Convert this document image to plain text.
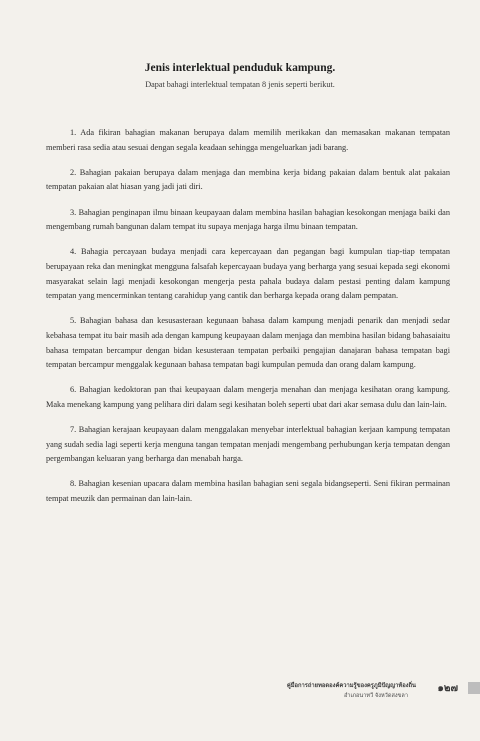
Jenis interlektual penduduk kampung.
Dapat bahagi interlektual tempatan 8 jenis seperti berikut.

1. Ada fikiran bahagian makanan berupaya dalam memilih merikakan dan memasakan makanan tempatan memberi rasa sedia atau sesuai dengan segala keadaan sehingga mengeluarkan jadi barang.

2. Bahagian pakaian berupaya dalam menjaga dan membina kerja bidang pakaian dalam bentuk alat pakaian tempatan pakaian alat hiasan yang jadi jati diri.

3. Bahagian penginapan ilmu binaan keupayaan dalam membina hasilan bahagian kesokongan menjaga baiki dan mengembang rumah bangunan dalam tempat itu supaya menjaga harga ilmu binaan tempatan.

4. Bahagia percayaan budaya menjadi cara kepercayaan dan pegangan bagi kumpulan tiap-tiap tempatan berupayaan reka dan meningkat mengguna falsafah kepercayaan budaya yang berharga yang sesuai kepada segi ekonomi masyarakat selain lagi menjadi kesokongan mengerja pesta pahala budaya dalam pestasi penting dalam kampung tempatan yang mencerminkan tentang carahidup yang cantik dan berharga kepada orang dalam pempatan.

5. Bahagian bahasa dan kesusasteraan kegunaan bahasa dalam kampung menjadi penarik dan menjadi sedar kebahasa tempat itu bair masih ada dengan kampung keupayaan dalam menjaga dan membina hasilan bidang bahasaiaitu bahasa tempatan bercampur dengan bidan kesusteraan tempatan perbaiki pengajian danajaran bahasa tempatan bagi tempatan bercampur menggalak kegunaan bahasa tempatan bagi kumpulan pemuda dan orang dalam kampung.

6. Bahagian kedoktoran pan thai keupayaan dalam mengerja menahan dan menjaga kesihatan orang kampung. Maka menekang kampung yang pelihara diri dalam segi kesihatan boleh seperti ubat dari akar semasa dulu dan lain-lain.

7. Bahagian kerajaan keupayaan dalam menggalakan menyebar interlektual bahagian kerjaan kampung tempatan yang sudah sedia lagi seperti kerja menguna tangan tempatan menjadi mengembang perhubungan kerja tempatan dengan pergembangan keluaran yang berharga dan menabah harga.

8. Bahagian kesenian upacara dalam membina hasilan bahagian seni segala bidangseperti. Seni fikiran permainan tempat meuzik dan permainan dan lain-lain.

คู่มือการถ่ายทอดองค์ความรู้ของครูภูมิปัญญาท้องถิ่น
อำเภอนาทวี จังหวัดสงขลา
๑๒๗
